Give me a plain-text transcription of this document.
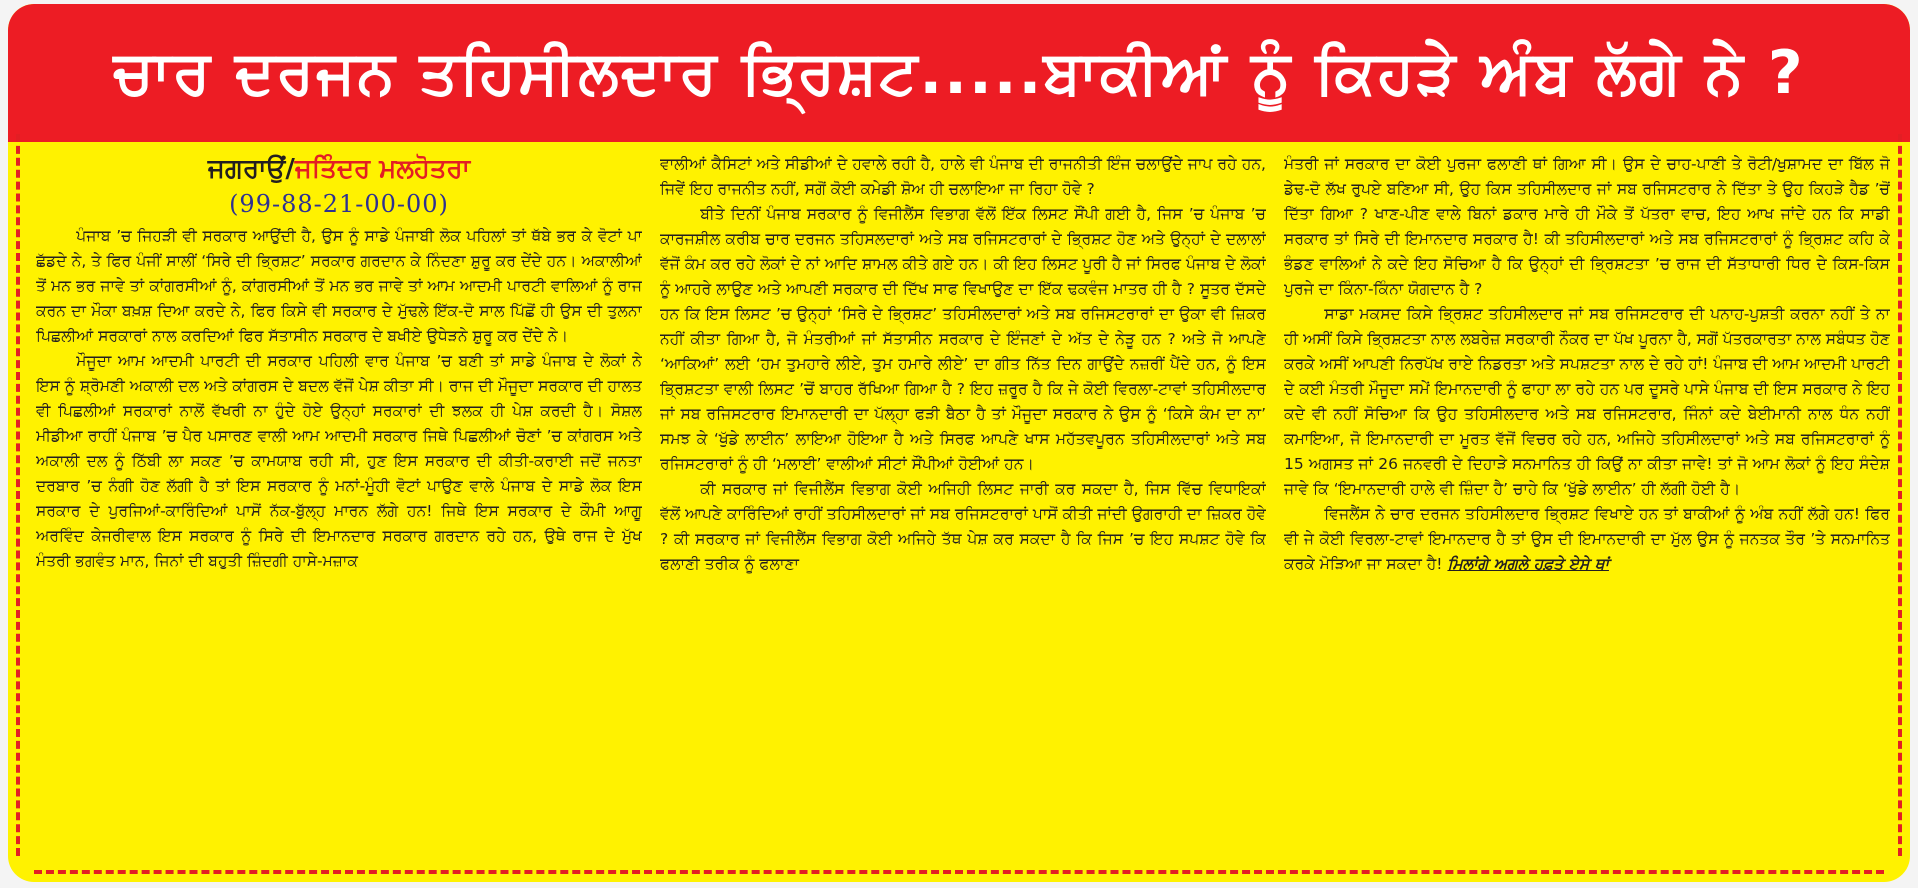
ਚਾਰ ਦਰਜਨ ਤਹਿਸੀਲਦਾਰ ਭ੍ਰਿਸ਼ਟ.....ਬਾਕੀਆਂ ਨੂੰ ਕਿਹੜੇ ਅੰਬ ਲੱਗੇ ਨੇ ?
ਜਗਰਾਉਂ/ਜਤਿੰਦਰ ਮਲਹੋਤਰਾ
(99-88-21-00-00)

ਪੰਜਾਬ ’ਚ ਜਿਹੜੀ ਵੀ ਸਰਕਾਰ ਆਉਂਦੀ ਹੈ, ਉਸ ਨੂੰ ਸਾਡੇ ਪੰਜਾਬੀ ਲੋਕ ਪਹਿਲਾਂ ਤਾਂ ਥੱਬੇ ਭਰ ਕੇ ਵੋਟਾਂ ਪਾ ਛੱਡਦੇ ਨੇ, ਤੇ ਫਿਰ ਪੰਜੀਂ ਸਾਲੀਂ ‘ਸਿਰੇ ਦੀ ਭ੍ਰਿਸ਼ਟ’ ਸਰਕਾਰ ਗਰਦਾਨ ਕੇ ਨਿੰਦਣਾ ਸ਼ੁਰੂ ਕਰ ਦੇਂਦੇ ਹਨ। ਅਕਾਲੀਆਂ ਤੋਂ ਮਨ ਭਰ ਜਾਵੇ ਤਾਂ ਕਾਂਗਰਸੀਆਂ ਨੂੰ, ਕਾਂਗਰਸੀਆਂ ਤੋਂ ਮਨ ਭਰ ਜਾਵੇ ਤਾਂ ਆਮ ਆਦਮੀ ਪਾਰਟੀ ਵਾਲਿਆਂ ਨੂੰ ਰਾਜ ਕਰਨ ਦਾ ਮੌਕਾ ਬਖ਼ਸ਼ ਦਿਆ ਕਰਦੇ ਨੇ, ਫਿਰ ਕਿਸੇ ਵੀ ਸਰਕਾਰ ਦੇ ਮੁੱਢਲੇ ਇੱਕ-ਦੋ ਸਾਲ ਪਿੱਛੋਂ ਹੀ ਉਸ ਦੀ ਤੁਲਨਾ ਪਿਛਲੀਆਂ ਸਰਕਾਰਾਂ ਨਾਲ ਕਰਦਿਆਂ ਫਿਰ ਸੱਤਾਸੀਨ ਸਰਕਾਰ ਦੇ ਬਖੀਏ ਉਧੇੜਨੇ ਸ਼ੁਰੂ ਕਰ ਦੇਂਦੇ ਨੇ।

ਮੌਜੂਦਾ ਆਮ ਆਦਮੀ ਪਾਰਟੀ ਦੀ ਸਰਕਾਰ ਪਹਿਲੀ ਵਾਰ ਪੰਜਾਬ ’ਚ ਬਣੀ ਤਾਂ ਸਾਡੇ ਪੰਜਾਬ ਦੇ ਲੋਕਾਂ ਨੇ ਇਸ ਨੂੰ ਸ਼੍ਰੋਮਣੀ ਅਕਾਲੀ ਦਲ ਅਤੇ ਕਾਂਗਰਸ ਦੇ ਬਦਲ ਵੱਜੋਂ ਪੇਸ਼ ਕੀਤਾ ਸੀ। ਰਾਜ ਦੀ ਮੌਜੂਦਾ ਸਰਕਾਰ ਦੀ ਹਾਲਤ ਵੀ ਪਿਛਲੀਆਂ ਸਰਕਾਰਾਂ ਨਾਲੋਂ ਵੱਖਰੀ ਨਾ ਹੁੰਦੇ ਹੋਏ ਉਨ੍ਹਾਂ ਸਰਕਾਰਾਂ ਦੀ ਝਲਕ ਹੀ ਪੇਸ਼ ਕਰਦੀ ਹੈ। ਸੋਸ਼ਲ ਮੀਡੀਆ ਰਾਹੀਂ ਪੰਜਾਬ ’ਚ ਪੈਰ ਪਸਾਰਣ ਵਾਲੀ ਆਮ ਆਦਮੀ ਸਰਕਾਰ ਜਿਥੇ ਪਿਛਲੀਆਂ ਚੋਣਾਂ ’ਚ ਕਾਂਗਰਸ ਅਤੇ ਅਕਾਲੀ ਦਲ ਨੂੰ ਠਿੱਬੀ ਲਾ ਸਕਣ ’ਚ ਕਾਮਯਾਬ ਰਹੀ ਸੀ, ਹੁਣ ਇਸ ਸਰਕਾਰ ਦੀ ਕੀਤੀ-ਕਰਾਈ ਜਦੋਂ ਜਨਤਾ ਦਰਬਾਰ ’ਚ ਨੰਗੀ ਹੋਣ ਲੱਗੀ ਹੈ ਤਾਂ ਇਸ ਸਰਕਾਰ ਨੂੰ ਮਨਾਂ-ਮੂੰਹੀ ਵੋਟਾਂ ਪਾਉਣ ਵਾਲੇ ਪੰਜਾਬ ਦੇ ਸਾਡੇ ਲੋਕ ਇਸ ਸਰਕਾਰ ਦੇ ਪੁਰਜਿਆਂ-ਕਾਰਿੰਦਿਆਂ ਪਾਸੋਂ ਨੱਕ-ਬੁੱਲ੍ਹ ਮਾਰਨ ਲੱਗੇ ਹਨ! ਜਿਥੇ ਇਸ ਸਰਕਾਰ ਦੇ ਕੌਮੀ ਆਗੂ ਅਰਵਿੰਦ ਕੇਜਰੀਵਾਲ ਇਸ ਸਰਕਾਰ ਨੂੰ ਸਿਰੇ ਦੀ ਇਮਾਨਦਾਰ ਸਰਕਾਰ ਗਰਦਾਨ ਰਹੇ ਹਨ, ਉਥੇ ਰਾਜ ਦੇ ਮੁੱਖ ਮੰਤਰੀ ਭਗਵੰਤ ਮਾਨ, ਜਿਨਾਂ ਦੀ ਬਹੁਤੀ ਜ਼ਿੰਦਗੀ ਹਾਸੇ-ਮਜ਼ਾਕ

ਵਾਲੀਆਂ ਕੈਸਿਟਾਂ ਅਤੇ ਸੀਡੀਆਂ ਦੇ ਹਵਾਲੇ ਰਹੀ ਹੈ, ਹਾਲੇ ਵੀ ਪੰਜਾਬ ਦੀ ਰਾਜਨੀਤੀ ਇੰਜ ਚਲਾਉਂਦੇ ਜਾਪ ਰਹੇ ਹਨ, ਜਿਵੇਂ ਇਹ ਰਾਜਨੀਤ ਨਹੀਂ, ਸਗੋਂ ਕੋਈ ਕਮੇਡੀ ਸ਼ੋਅ ਹੀ ਚਲਾਇਆ ਜਾ ਰਿਹਾ ਹੋਵੇ ?

ਬੀਤੇ ਦਿਨੀਂ ਪੰਜਾਬ ਸਰਕਾਰ ਨੂੰ ਵਿਜੀਲੈਂਸ ਵਿਭਾਗ ਵੱਲੋਂ ਇੱਕ ਲਿਸਟ ਸੌਂਪੀ ਗਈ ਹੈ, ਜਿਸ ’ਚ ਪੰਜਾਬ ’ਚ ਕਾਰਜਸ਼ੀਲ ਕਰੀਬ ਚਾਰ ਦਰਜਨ ਤਹਿਸਲਦਾਰਾਂ ਅਤੇ ਸਬ ਰਜਿਸਟਰਾਰਾਂ ਦੇ ਭ੍ਰਿਸ਼ਟ ਹੋਣ ਅਤੇ ਉਨ੍ਹਾਂ ਦੇ ਦਲਾਲਾਂ ਵੱਜੋਂ ਕੰਮ ਕਰ ਰਹੇ ਲੋਕਾਂ ਦੇ ਨਾਂ ਆਦਿ ਸ਼ਾਮਲ ਕੀਤੇ ਗਏ ਹਨ। ਕੀ ਇਹ ਲਿਸਟ ਪੂਰੀ ਹੈ ਜਾਂ ਸਿਰਫ ਪੰਜਾਬ ਦੇ ਲੋਕਾਂ ਨੂੰ ਆਹਰੇ ਲਾਉਣ ਅਤੇ ਆਪਣੀ ਸਰਕਾਰ ਦੀ ਦਿੱਖ ਸਾਫ ਵਿਖਾਉਣ ਦਾ ਇੱਕ ਢਕਵੰਜ ਮਾਤਰ ਹੀ ਹੈ ? ਸੂਤਰ ਦੱਸਦੇ ਹਨ ਕਿ ਇਸ ਲਿਸਟ ’ਚ ਉਨ੍ਹਾਂ ‘ਸਿਰੇ ਦੇ ਭ੍ਰਿਸ਼ਟ’ ਤਹਿਸੀਲਦਾਰਾਂ ਅਤੇ ਸਬ ਰਜਿਸਟਰਾਰਾਂ ਦਾ ਉਕਾ ਵੀ ਜ਼ਿਕਰ ਨਹੀਂ ਕੀਤਾ ਗਿਆ ਹੈ, ਜੋ ਮੰਤਰੀਆਂ ਜਾਂ ਸੱਤਾਸੀਨ ਸਰਕਾਰ ਦੇ ਇੰਜਣਾਂ ਦੇ ਅੱਤ ਦੇ ਨੇੜੂ ਹਨ ? ਅਤੇ ਜੋ ਆਪਣੇ ‘ਆਕਿਆਂ’ ਲਈ ‘ਹਮ ਤੁਮਹਾਰੇ ਲੀਏ, ਤੁਮ ਹਮਾਰੇ ਲੀਏ’ ਦਾ ਗੀਤ ਨਿੱਤ ਦਿਨ ਗਾਉਂਦੇ ਨਜ਼ਰੀਂ ਪੈਂਦੇ ਹਨ, ਨੂੰ ਇਸ ਭ੍ਰਿਸ਼ਟਤਾ ਵਾਲੀ ਲਿਸਟ ’ਚੋਂ ਬਾਹਰ ਰੱਖਿਆ ਗਿਆ ਹੈ ? ਇਹ ਜ਼ਰੂਰ ਹੈ ਕਿ ਜੇ ਕੋਈ ਵਿਰਲਾ-ਟਾਵਾਂ ਤਹਿਸੀਲਦਾਰ ਜਾਂ ਸਬ ਰਜਿਸਟਰਾਰ ਇਮਾਨਦਾਰੀ ਦਾ ਪੱਲ੍ਹਾ ਫੜੀ ਬੈਠਾ ਹੈ ਤਾਂ ਮੌਜੂਦਾ ਸਰਕਾਰ ਨੇ ਉਸ ਨੂੰ ‘ਕਿਸੇ ਕੰਮ ਦਾ ਨਾ’ ਸਮਝ ਕੇ ‘ਖੁੱਡੇ ਲਾਈਨ’ ਲਾਇਆ ਹੋਇਆ ਹੈ ਅਤੇ ਸਿਰਫ ਆਪਣੇ ਖਾਸ ਮਹੱਤਵਪੂਰਨ ਤਹਿਸੀਲਦਾਰਾਂ ਅਤੇ ਸਬ ਰਜਿਸਟਰਾਰਾਂ ਨੂੰ ਹੀ ‘ਮਲਾਈ’ ਵਾਲੀਆਂ ਸੀਟਾਂ ਸੌਂਪੀਆਂ ਹੋਈਆਂ ਹਨ।

ਕੀ ਸਰਕਾਰ ਜਾਂ ਵਿਜੀਲੈਂਸ ਵਿਭਾਗ ਕੋਈ ਅਜਿਹੀ ਲਿਸਟ ਜਾਰੀ ਕਰ ਸਕਦਾ ਹੈ, ਜਿਸ ਵਿੱਚ ਵਿਧਾਇਕਾਂ ਵੱਲੋਂ ਆਪਣੇ ਕਾਰਿੰਦਿਆਂ ਰਾਹੀਂ ਤਹਿਸੀਲਦਾਰਾਂ ਜਾਂ ਸਬ ਰਜਿਸਟਰਾਰਾਂ ਪਾਸੋਂ ਕੀਤੀ ਜਾਂਦੀ ਉਗਰਾਹੀ ਦਾ ਜ਼ਿਕਰ ਹੋਵੇ ? ਕੀ ਸਰਕਾਰ ਜਾਂ ਵਿਜੀਲੈਂਸ ਵਿਭਾਗ ਕੋਈ ਅਜਿਹੇ ਤੱਥ ਪੇਸ਼ ਕਰ ਸਕਦਾ ਹੈ ਕਿ ਜਿਸ ’ਚ ਇਹ ਸਪਸ਼ਟ ਹੋਵੇ ਕਿ ਫਲਾਣੀ ਤਰੀਕ ਨੂੰ ਫਲਾਣਾ

ਮੰਤਰੀ ਜਾਂ ਸਰਕਾਰ ਦਾ ਕੋਈ ਪੁਰਜਾ ਫਲਾਣੀ ਥਾਂ ਗਿਆ ਸੀ। ਉਸ ਦੇ ਚਾਹ-ਪਾਣੀ ਤੇ ਰੋਟੀ/ਖੁਸ਼ਾਮਦ ਦਾ ਬਿੱਲ ਜੋ ਡੇਢ-ਦੋ ਲੱਖ ਰੁਪਏ ਬਣਿਆ ਸੀ, ਉਹ ਕਿਸ ਤਹਿਸੀਲਦਾਰ ਜਾਂ ਸਬ ਰਜਿਸਟਰਾਰ ਨੇ ਦਿੱਤਾ ਤੇ ਉਹ ਕਿਹੜੇ ਹੈਡ ’ਚੋਂ ਦਿੱਤਾ ਗਿਆ ? ਖਾਣ-ਪੀਣ ਵਾਲੇ ਬਿਨਾਂ ਡਕਾਰ ਮਾਰੇ ਹੀ ਮੌਕੇ ਤੋਂ ਪੱਤਰਾ ਵਾਚ, ਇਹ ਆਖ ਜਾਂਦੇ ਹਨ ਕਿ ਸਾਡੀ ਸਰਕਾਰ ਤਾਂ ਸਿਰੇ ਦੀ ਇਮਾਨਦਾਰ ਸਰਕਾਰ ਹੈ! ਕੀ ਤਹਿਸੀਲਦਾਰਾਂ ਅਤੇ ਸਬ ਰਜਿਸਟਰਾਰਾਂ ਨੂੰ ਭ੍ਰਿਸ਼ਟ ਕਹਿ ਕੇ ਭੰਡਣ ਵਾਲਿਆਂ ਨੇ ਕਦੇ ਇਹ ਸੋਚਿਆ ਹੈ ਕਿ ਉਨ੍ਹਾਂ ਦੀ ਭ੍ਰਿਸ਼ਟਤਾ ’ਚ ਰਾਜ ਦੀ ਸੱਤਾਧਾਰੀ ਧਿਰ ਦੇ ਕਿਸ-ਕਿਸ ਪੁਰਜੇ ਦਾ ਕਿੰਨਾ-ਕਿੰਨਾ ਯੋਗਦਾਨ ਹੈ ?

ਸਾਡਾ ਮਕਸਦ ਕਿਸੇ ਭ੍ਰਿਸ਼ਟ ਤਹਿਸੀਲਦਾਰ ਜਾਂ ਸਬ ਰਜਿਸਟਰਾਰ ਦੀ ਪਨਾਹ-ਪੁਸ਼ਤੀ ਕਰਨਾ ਨਹੀਂ ਤੇ ਨਾ ਹੀ ਅਸੀਂ ਕਿਸੇ ਭ੍ਰਿਸ਼ਟਤਾ ਨਾਲ ਲਬਰੇਜ਼ ਸਰਕਾਰੀ ਨੌਕਰ ਦਾ ਪੱਖ ਪੂਰਨਾ ਹੈ, ਸਗੋਂ ਪੱਤਰਕਾਰਤਾ ਨਾਲ ਸਬੰਧਤ ਹੋਣ ਕਰਕੇ ਅਸੀਂ ਆਪਣੀ ਨਿਰਪੱਖ ਰਾਏ ਨਿਡਰਤਾ ਅਤੇ ਸਪਸ਼ਟਤਾ ਨਾਲ ਦੇ ਰਹੇ ਹਾਂ! ਪੰਜਾਬ ਦੀ ਆਮ ਆਦਮੀ ਪਾਰਟੀ ਦੇ ਕਈ ਮੰਤਰੀ ਮੌਜੂਦਾ ਸਮੇਂ ਇਮਾਨਦਾਰੀ ਨੂੰ ਫਾਹਾ ਲਾ ਰਹੇ ਹਨ ਪਰ ਦੂਸਰੇ ਪਾਸੇ ਪੰਜਾਬ ਦੀ ਇਸ ਸਰਕਾਰ ਨੇ ਇਹ ਕਦੇ ਵੀ ਨਹੀਂ ਸੋਚਿਆ ਕਿ ਉਹ ਤਹਿਸੀਲਦਾਰ ਅਤੇ ਸਬ ਰਜਿਸਟਰਾਰ, ਜਿੰਨਾਂ ਕਦੇ ਬੇਈਮਾਨੀ ਨਾਲ ਧੰਨ ਨਹੀਂ ਕਮਾਇਆ, ਜੋ ਇਮਾਨਦਾਰੀ ਦਾ ਮੂਰਤ ਵੱਜੋਂ ਵਿਚਰ ਰਹੇ ਹਨ, ਅਜਿਹੇ ਤਹਿਸੀਲਦਾਰਾਂ ਅਤੇ ਸਬ ਰਜਿਸਟਰਾਰਾਂ ਨੂੰ 15 ਅਗਸਤ ਜਾਂ 26 ਜਨਵਰੀ ਦੇ ਦਿਹਾੜੇ ਸਨਮਾਨਿਤ ਹੀ ਕਿਉਂ ਨਾ ਕੀਤਾ ਜਾਵੇ! ਤਾਂ ਜੋ ਆਮ ਲੋਕਾਂ ਨੂੰ ਇਹ ਸੰਦੇਸ਼ ਜਾਵੇ ਕਿ ‘ਇਮਾਨਦਾਰੀ ਹਾਲੇ ਵੀ ਜ਼ਿੰਦਾ ਹੈ’ ਚਾਹੇ ਕਿ ‘ਖੁੱਡੇ ਲਾਈਨ’ ਹੀ ਲੱਗੀ ਹੋਈ ਹੈ।

ਵਿਜਲੈਂਸ ਨੇ ਚਾਰ ਦਰਜਨ ਤਹਿਸੀਲਦਾਰ ਭ੍ਰਿਸ਼ਟ ਵਿਖਾਏ ਹਨ ਤਾਂ ਬਾਕੀਆਂ ਨੂੰ ਅੰਬ ਨਹੀਂ ਲੱਗੇ ਹਨ! ਫਿਰ ਵੀ ਜੇ ਕੋਈ ਵਿਰਲਾ-ਟਾਵਾਂ ਇਮਾਨਦਾਰ ਹੈ ਤਾਂ ਉਸ ਦੀ ਇਮਾਨਦਾਰੀ ਦਾ ਮੁੱਲ ਉਸ ਨੂੰ ਜਨਤਕ ਤੌਰ ’ਤੇ ਸਨਮਾਨਿਤ ਕਰਕੇ ਮੋੜਿਆ ਜਾ ਸਕਦਾ ਹੈ! ਮਿਲਾਂਗੇ ਅਗਲੇ ਹਫ਼ਤੇ ਏਸੇ ਥਾਂ
